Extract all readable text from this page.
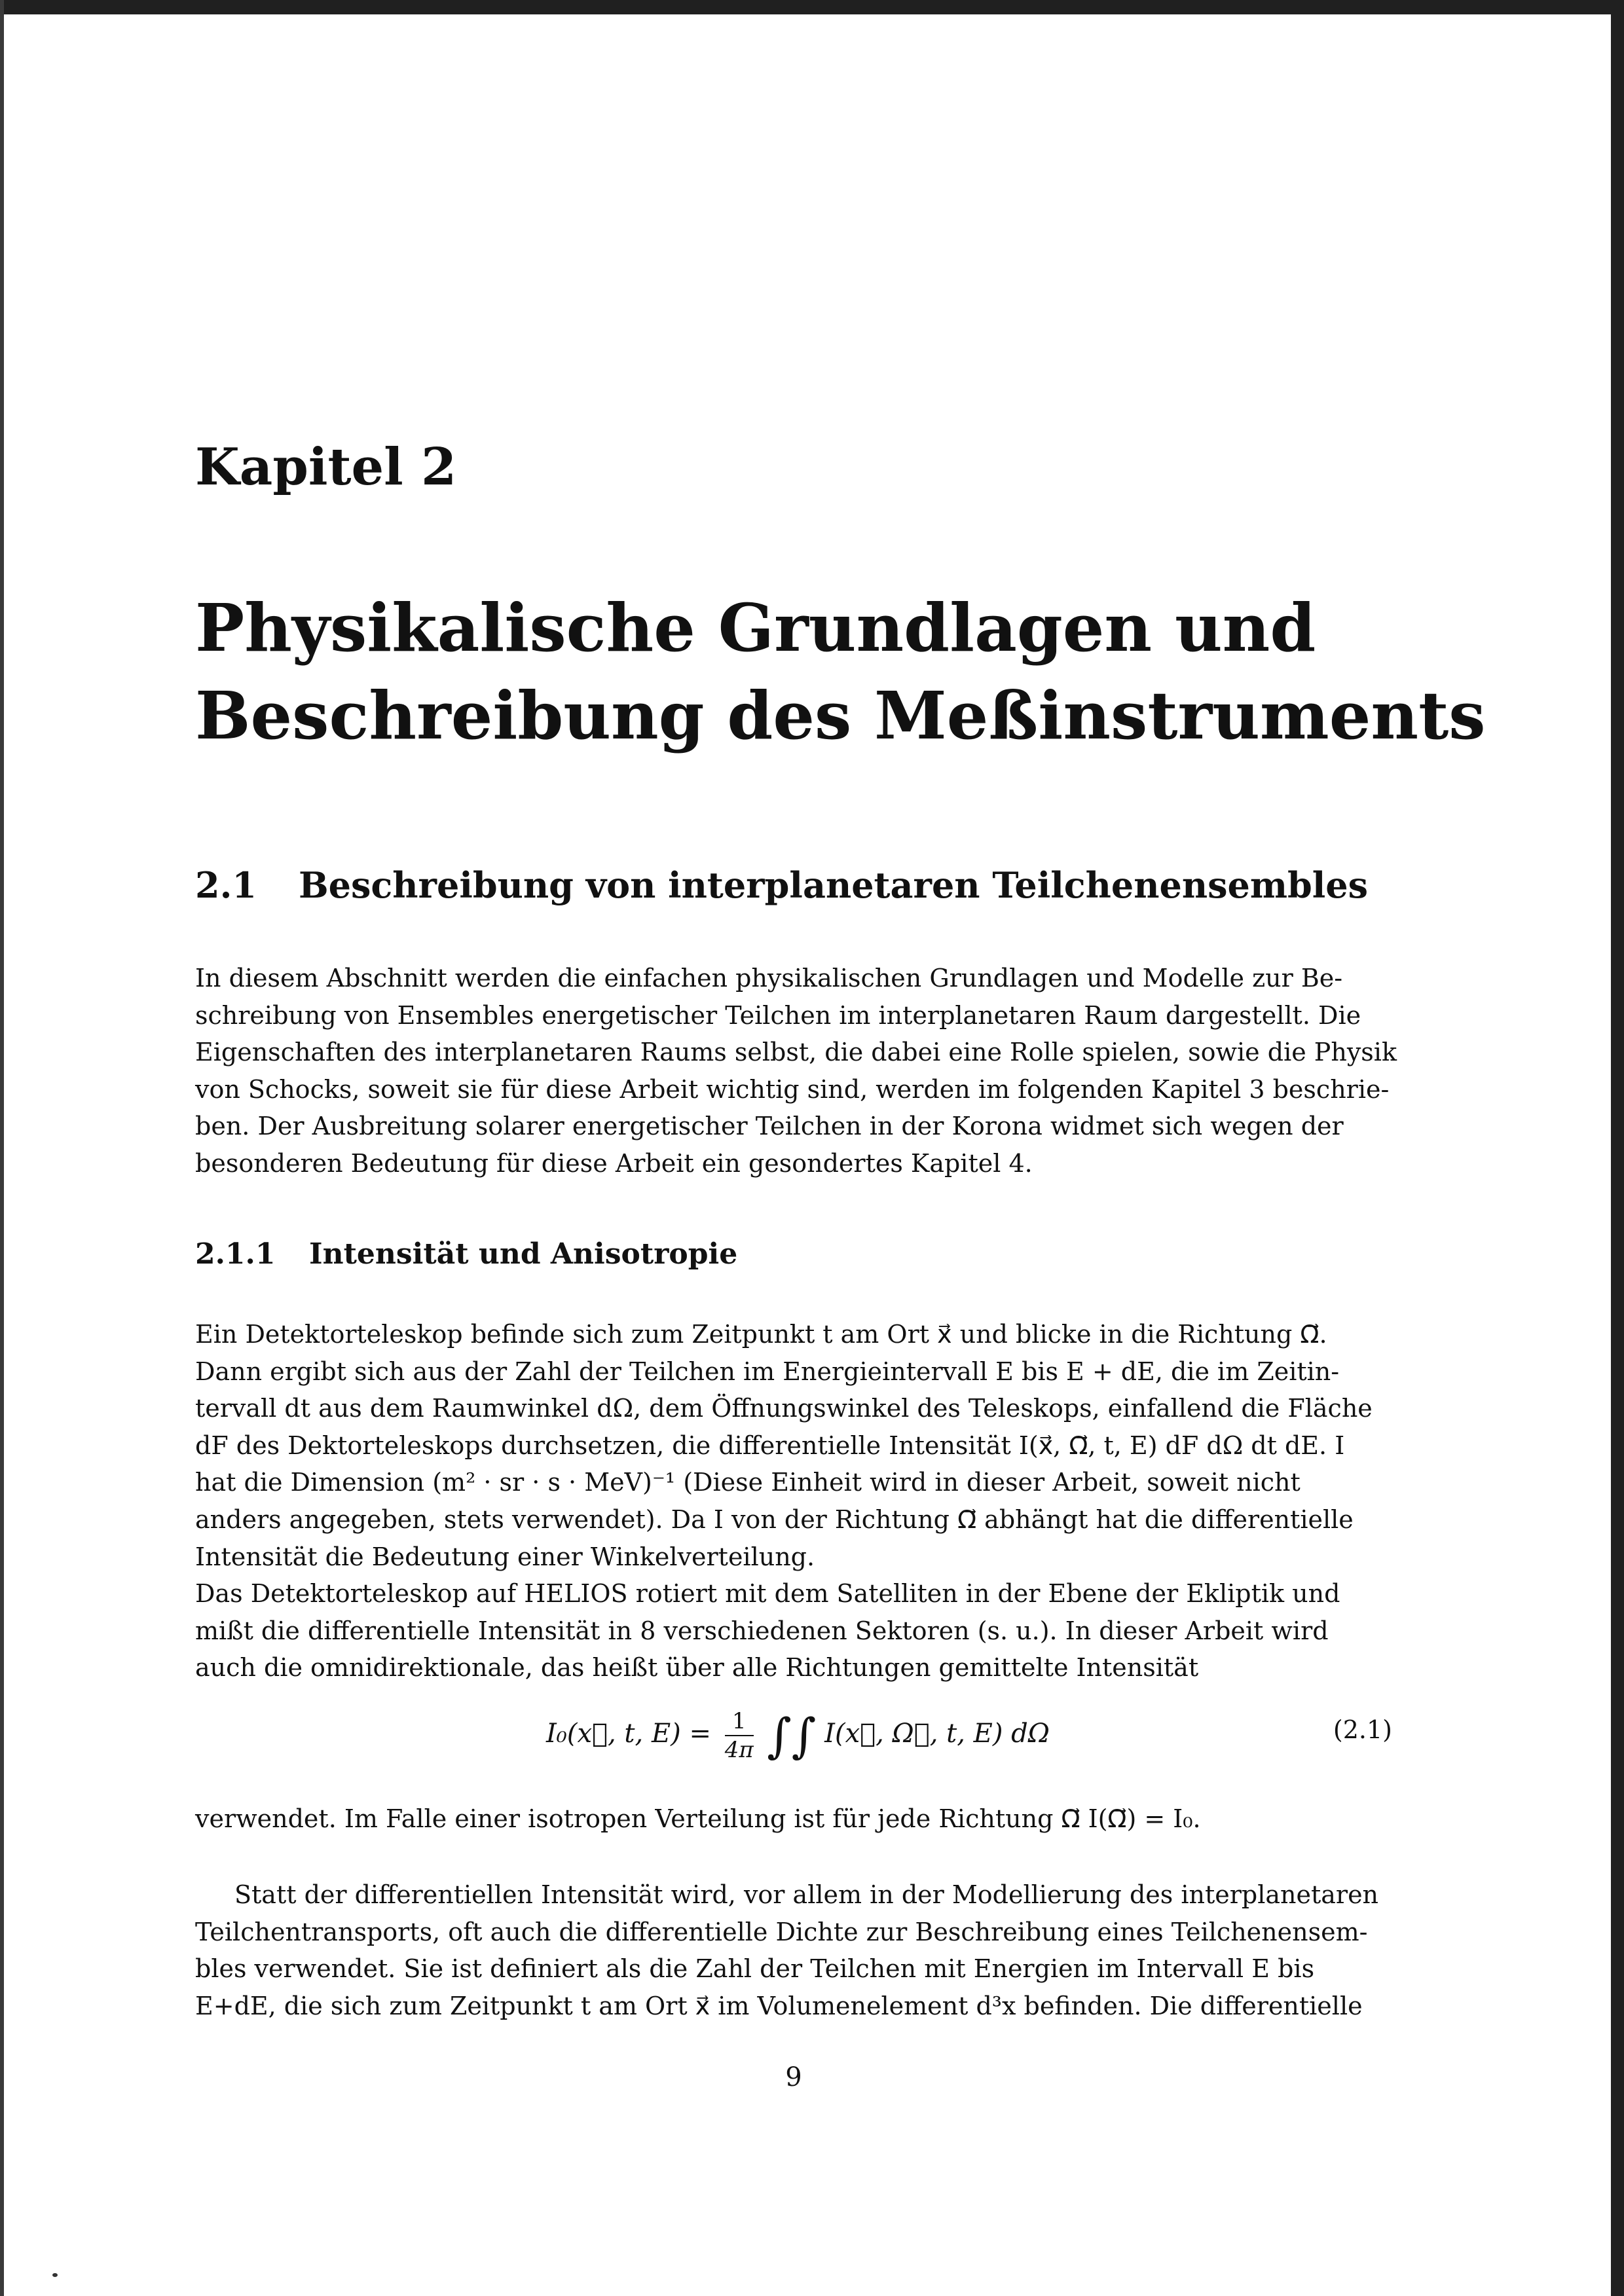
Kapitel 2
Physikalische Grundlagen und
Beschreibung des Meßinstruments
2.1 Beschreibung von interplanetaren Teilchenensembles
In diesem Abschnitt werden die einfachen physikalischen Grundlagen und Modelle zur Be-
schreibung von Ensembles energetischer Teilchen im interplanetaren Raum dargestellt. Die
Eigenschaften des interplanetaren Raums selbst, die dabei eine Rolle spielen, sowie die Physik
von Schocks, soweit sie für diese Arbeit wichtig sind, werden im folgenden Kapitel 3 beschrie-
ben. Der Ausbreitung solarer energetischer Teilchen in der Korona widmet sich wegen der
besonderen Bedeutung für diese Arbeit ein gesondertes Kapitel 4.
2.1.1 Intensität und Anisotropie
Ein Detektorteleskop befinde sich zum Zeitpunkt t am Ort x⃗ und blicke in die Richtung Ω⃗.
Dann ergibt sich aus der Zahl der Teilchen im Energieintervall E bis E + dE, die im Zeitin-
tervall dt aus dem Raumwinkel dΩ, dem Öffnungswinkel des Teleskops, einfallend die Fläche
dF des Dektorteleskops durchsetzen, die differentielle Intensität I(x⃗, Ω⃗, t, E) dF dΩ dt dE. I
hat die Dimension (m² · sr · s · MeV)⁻¹ (Diese Einheit wird in dieser Arbeit, soweit nicht
anders angegeben, stets verwendet). Da I von der Richtung Ω⃗ abhängt hat die differentielle
Intensität die Bedeutung einer Winkelverteilung.
Das Detektorteleskop auf HELIOS rotiert mit dem Satelliten in der Ebene der Ekliptik und
mißt die differentielle Intensität in 8 verschiedenen Sektoren (s. u.). In dieser Arbeit wird
auch die omnidirektionale, das heißt über alle Richtungen gemittelte Intensität
I₀(x⃗, t, $E) = \frac{1}{4\pi}$ ∫∫ I(x⃗, Ω⃗, t, E) dΩ	(2.1)
verwendet. Im Falle einer isotropen Verteilung ist für jede Richtung Ω⃗ I(Ω⃗) = I₀.
Statt der differentiellen Intensität wird, vor allem in der Modellierung des interplanetaren
Teilchentransports, oft auch die differentielle Dichte zur Beschreibung eines Teilchenensem-
bles verwendet. Sie ist definiert als die Zahl der Teilchen mit Energien im Intervall E bis
E+dE, die sich zum Zeitpunkt t am Ort x⃗ im Volumenelement d³x befinden. Die differentielle
9
